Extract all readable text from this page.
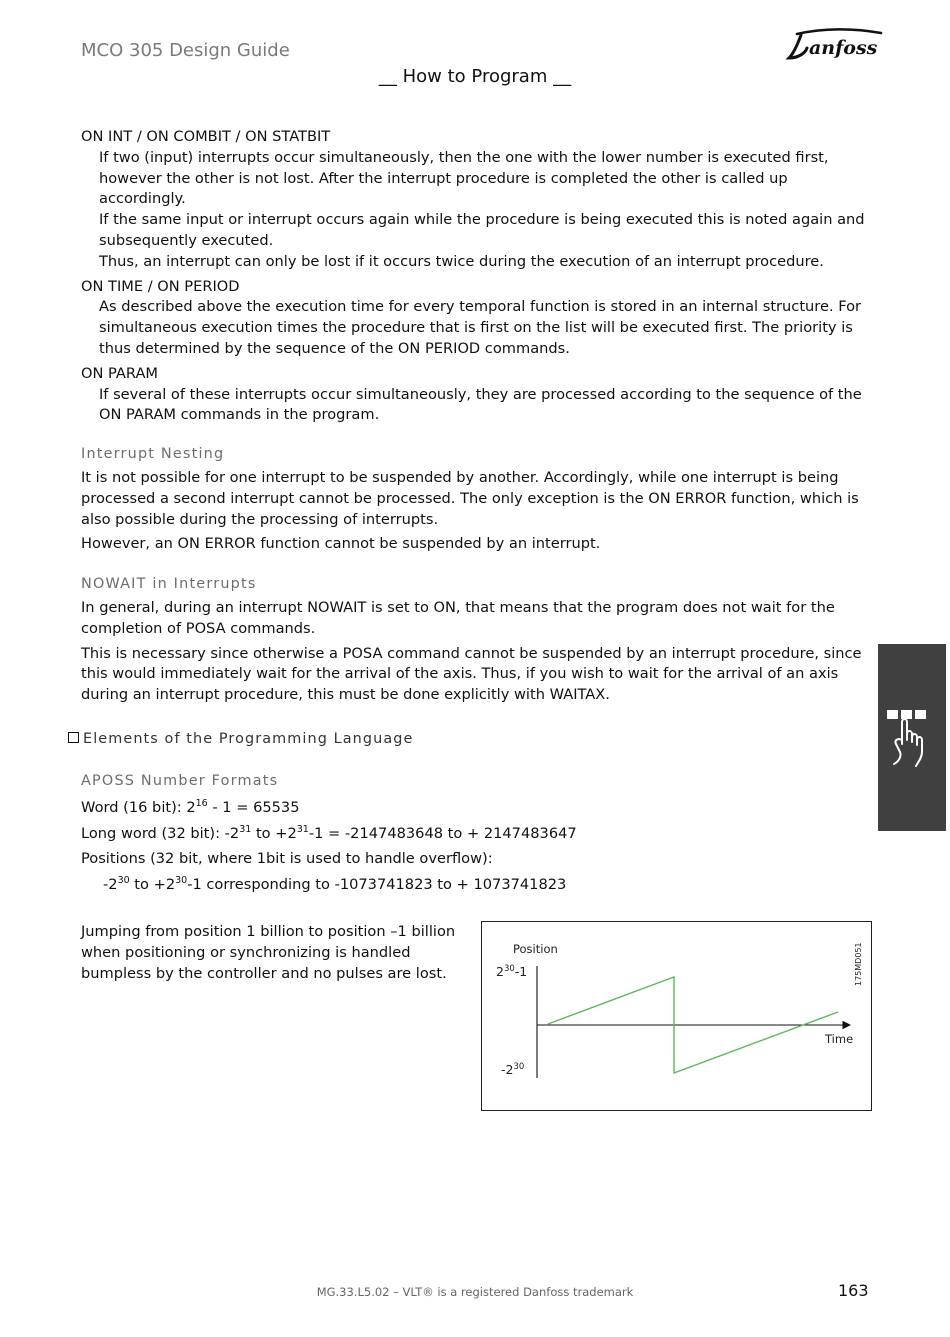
MCO 305 Design Guide	anfoss
__ How to Program __
ON INT / ON COMBIT / ON STATBIT
If two (input) interrupts occur simultaneously, then the one with the lower number is executed first,
however the other is not lost. After the interrupt procedure is completed the other is called up
accordingly.
If the same input or interrupt occurs again while the procedure is being executed this is noted again and
subsequently executed.
Thus, an interrupt can only be lost if it occurs twice during the execution of an interrupt procedure.
ON TIME / ON PERIOD
As described above the execution time for every temporal function is stored in an internal structure. For
simultaneous execution times the procedure that is first on the list will be executed first. The priority is
thus determined by the sequence of the ON PERIOD commands.
ON PARAM
If several of these interrupts occur simultaneously, they are processed according to the sequence of the
ON PARAM commands in the program.
Interrupt Nesting
It is not possible for one interrupt to be suspended by another. Accordingly, while one interrupt is being
processed a second interrupt cannot be processed. The only exception is the ON ERROR function, which is
also possible during the processing of interrupts.
However, an ON ERROR function cannot be suspended by an interrupt.
NOWAIT in Interrupts
In general, during an interrupt NOWAIT is set to ON, that means that the program does not wait for the
completion of POSA commands.
This is necessary since otherwise a POSA command cannot be suspended by an interrupt procedure, since
this would immediately wait for the arrival of the axis. Thus, if you wish to wait for the arrival of an axis
during an interrupt procedure, this must be done explicitly with WAITAX.
Elements of the Programming Language
APOSS Number Formats
Word (16 bit): $2^{16} - 1 = 65535$
Long word (32 bit): $-2^{31}$ to $+2^{31}-1 = -2147483648$ to + 2147483647
Positions (32 bit, where 1bit is used to handle overflow):
$-2^{30}$ to $+2^{30}-1$ corresponding to -1073741823 to + 1073741823
Jumping from position 1 billion to position –1 billion
when positioning or synchronizing is handled
bumpless by the controller and no pulses are lost.
Position
Time
$2^{30}-1$
$-2^{30}$
175MD051
MG.33.L5.02 – VLT® is a registered Danfoss trademark	163
